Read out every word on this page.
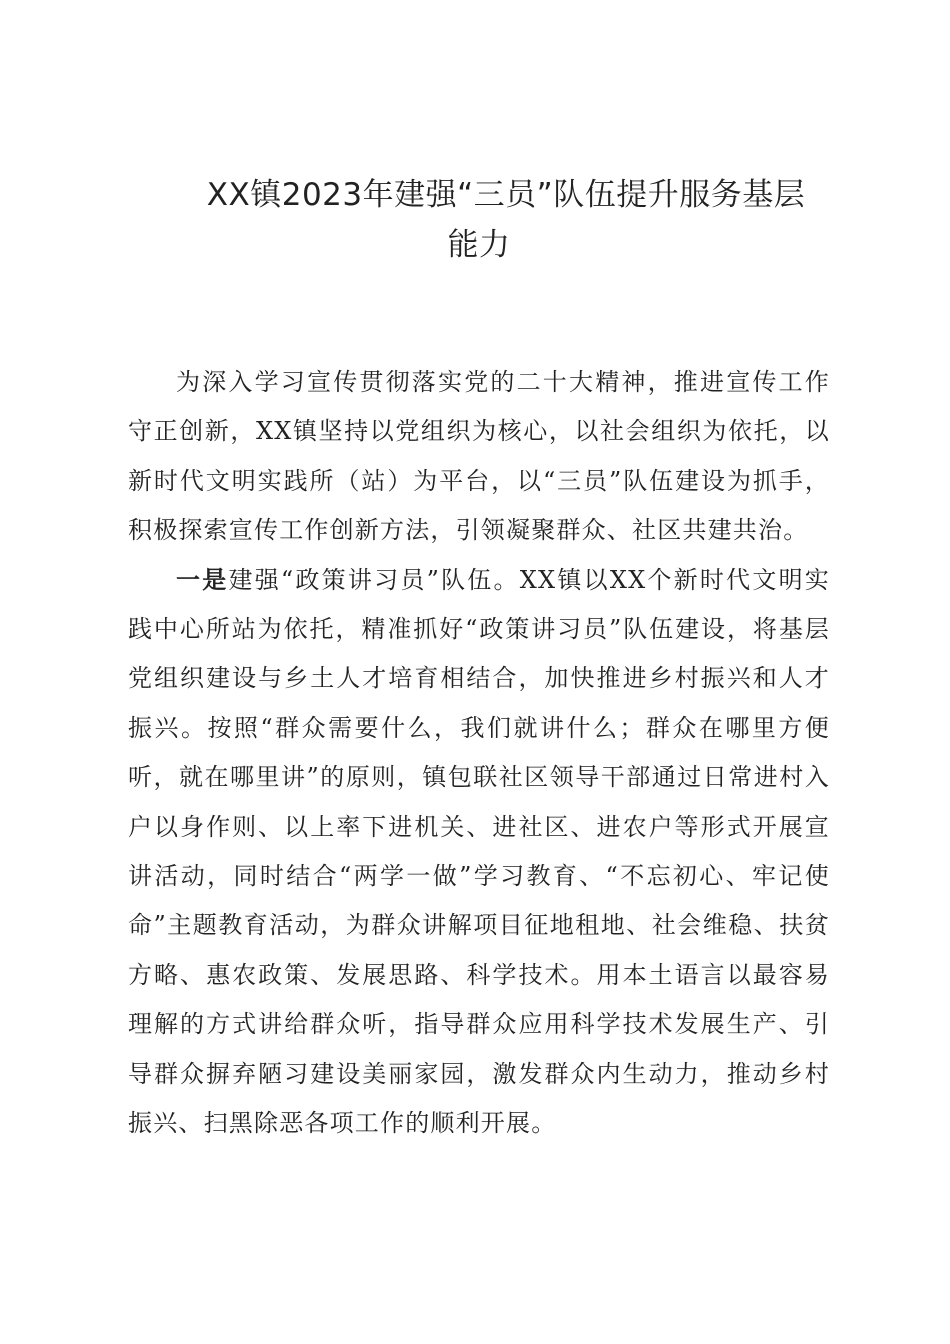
XX镇2023年建强“三员”队伍提升服务基层
能力

为深入学习宣传贯彻落实党的二十大精神，推进宣传工作守正创新，XX镇坚持以党组织为核心，以社会组织为依托，以新时代文明实践所（站）为平台，以“三员”队伍建设为抓手，积极探索宣传工作创新方法，引领凝聚群众、社区共建共治。

一是建强“政策讲习员”队伍。XX镇以XX个新时代文明实践中心所站为依托，精准抓好“政策讲习员”队伍建设，将基层党组织建设与乡土人才培育相结合，加快推进乡村振兴和人才振兴。按照“群众需要什么，我们就讲什么；群众在哪里方便听，就在哪里讲”的原则，镇包联社区领导干部通过日常进村入户以身作则、以上率下进机关、进社区、进农户等形式开展宣讲活动，同时结合“两学一做”学习教育、“不忘初心、牢记使命”主题教育活动，为群众讲解项目征地租地、社会维稳、扶贫方略、惠农政策、发展思路、科学技术。用本土语言以最容易理解的方式讲给群众听，指导群众应用科学技术发展生产、引导群众摒弃陋习建设美丽家园，激发群众内生动力，推动乡村振兴、扫黑除恶各项工作的顺利开展。
